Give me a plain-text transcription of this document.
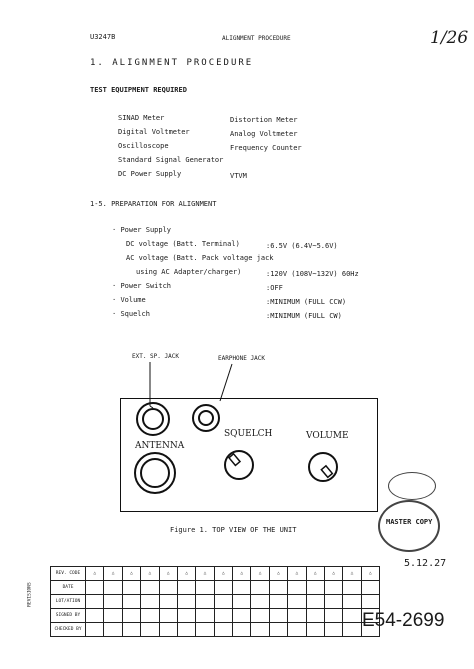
U3247B	ALIGNMENT PROCEDURE	1/26
1. ALIGNMENT PROCEDURE
TEST EQUIPMENT REQUIRED
SINAD Meter
Digital Voltmeter
Oscilloscope
Standard Signal Generator
DC Power Supply
Distortion Meter
Analog Voltmeter
Frequency Counter
VTVM
1-5. PREPARATION FOR ALIGNMENT
· Power Supply
DC voltage (Batt. Terminal)	:6.5V (6.4V~5.6V)
AC voltage (Batt. Pack voltage jack
using AC Adapter/charger)	:120V (108V~132V) 60Hz
· Power Switch	:OFF
· Volume	:MINIMUM (FULL CCW)
· Squelch	:MINIMUM (FULL CW)
EXT. SP. JACK	EARPHONE JACK
ANTENNA
SQUELCH	VOLUME
Figure 1. TOP VIEW OF THE UNIT
MASTER COPY
5.12.27
REVISIONS
REV. CODE	△	△	△	△	△	△	△	△	△	△	△	△	△	△	△	△
DATE																
LOT/ATION																
SIGNED BY																
CHECKED BY																	E54-2699
